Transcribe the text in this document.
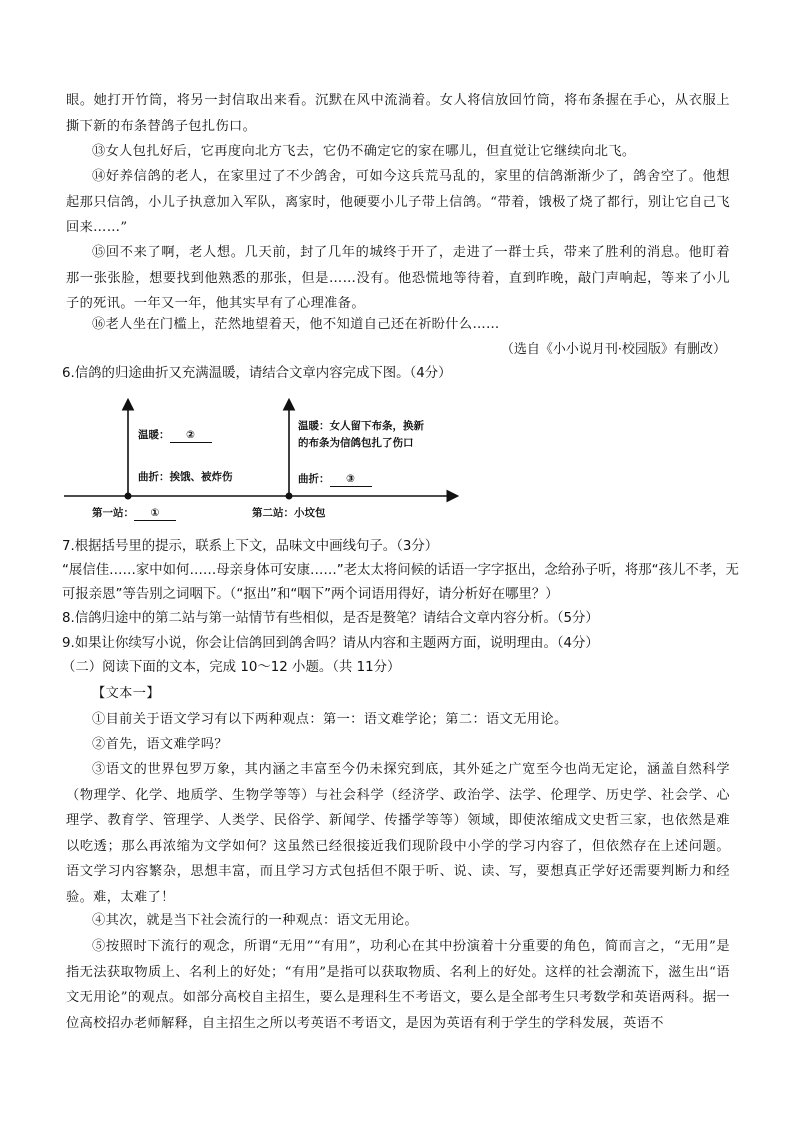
眼。她打开竹筒，将另一封信取出来看。沉默在风中流淌着。女人将信放回竹筒，将布条握在手心，从衣服上撕下新的布条替鸽子包扎伤口。

⑬女人包扎好后，它再度向北方飞去，它仍不确定它的家在哪儿，但直觉让它继续向北飞。

⑭好养信鸽的老人，在家里过了不少鸽舍，可如今这兵荒马乱的，家里的信鸽渐渐少了，鸽舍空了。他想起那只信鸽，小儿子执意加入军队，离家时，他硬要小儿子带上信鸽。“带着，饿极了烧了都行，别让它自己飞回来……”

⑮回不来了啊，老人想。几天前，封了几年的城终于开了，走进了一群士兵，带来了胜利的消息。他盯着那一张张脸，想要找到他熟悉的那张，但是……没有。他恐慌地等待着，直到昨晚，敲门声响起，等来了小儿子的死讯。一年又一年，他其实早有了心理准备。

⑯老人坐在门槛上，茫然地望着天，他不知道自己还在祈盼什么……

（选自《小小说月刊·校园版》有删改）

6.信鸽的归途曲折又充满温暖，请结合文章内容完成下图。（4分）

温暖： ②
曲折：挨饿、被炸伤
温暖：女人留下布条，换新
的布条为信鸽包扎了伤口
曲折： ③
第一站： ①	第二站：小坟包

7.根据括号里的提示，联系上下文，品味文中画线句子。（3分）

“展信佳……家中如何……母亲身体可安康……”老太太将问候的话语一字字抠出，念给孙子听，将那“孩儿不孝，无可报亲恩”等告别之词咽下。（“抠出”和“咽下”两个词语用得好，请分析好在哪里？）

8.信鸽归途中的第二站与第一站情节有些相似，是否是赘笔？请结合文章内容分析。（5分）

9.如果让你续写小说，你会让信鸽回到鸽舍吗？请从内容和主题两方面，说明理由。（4分）

（二）阅读下面的文本，完成 10～12 小题。（共 11分）

【文本一】

①目前关于语文学习有以下两种观点：第一：语文难学论；第二：语文无用论。

②首先，语文难学吗？

③语文的世界包罗万象，其内涵之丰富至今仍未探究到底，其外延之广宽至今也尚无定论，涵盖自然科学（物理学、化学、地质学、生物学等等）与社会科学（经济学、政治学、法学、伦理学、历史学、社会学、心理学、教育学、管理学、人类学、民俗学、新闻学、传播学等等）领域，即使浓缩成文史哲三家，也依然是难以吃透；那么再浓缩为文学如何？这虽然已经很接近我们现阶段中小学的学习内容了，但依然存在上述问题。语文学习内容繁杂，思想丰富，而且学习方式包括但不限于听、说、读、写，要想真正学好还需要判断力和经验。难，太难了！

④其次，就是当下社会流行的一种观点：语文无用论。

⑤按照时下流行的观念，所谓“无用”“有用”，功利心在其中扮演着十分重要的角色，简而言之，“无用”是指无法获取物质上、名利上的好处；“有用”是指可以获取物质、名利上的好处。这样的社会潮流下，滋生出“语文无用论”的观点。如部分高校自主招生，要么是理科生不考语文，要么是全部考生只考数学和英语两科。据一位高校招办老师解释，自主招生之所以考英语不考语文，是因为英语有利于学生的学科发展，英语不
